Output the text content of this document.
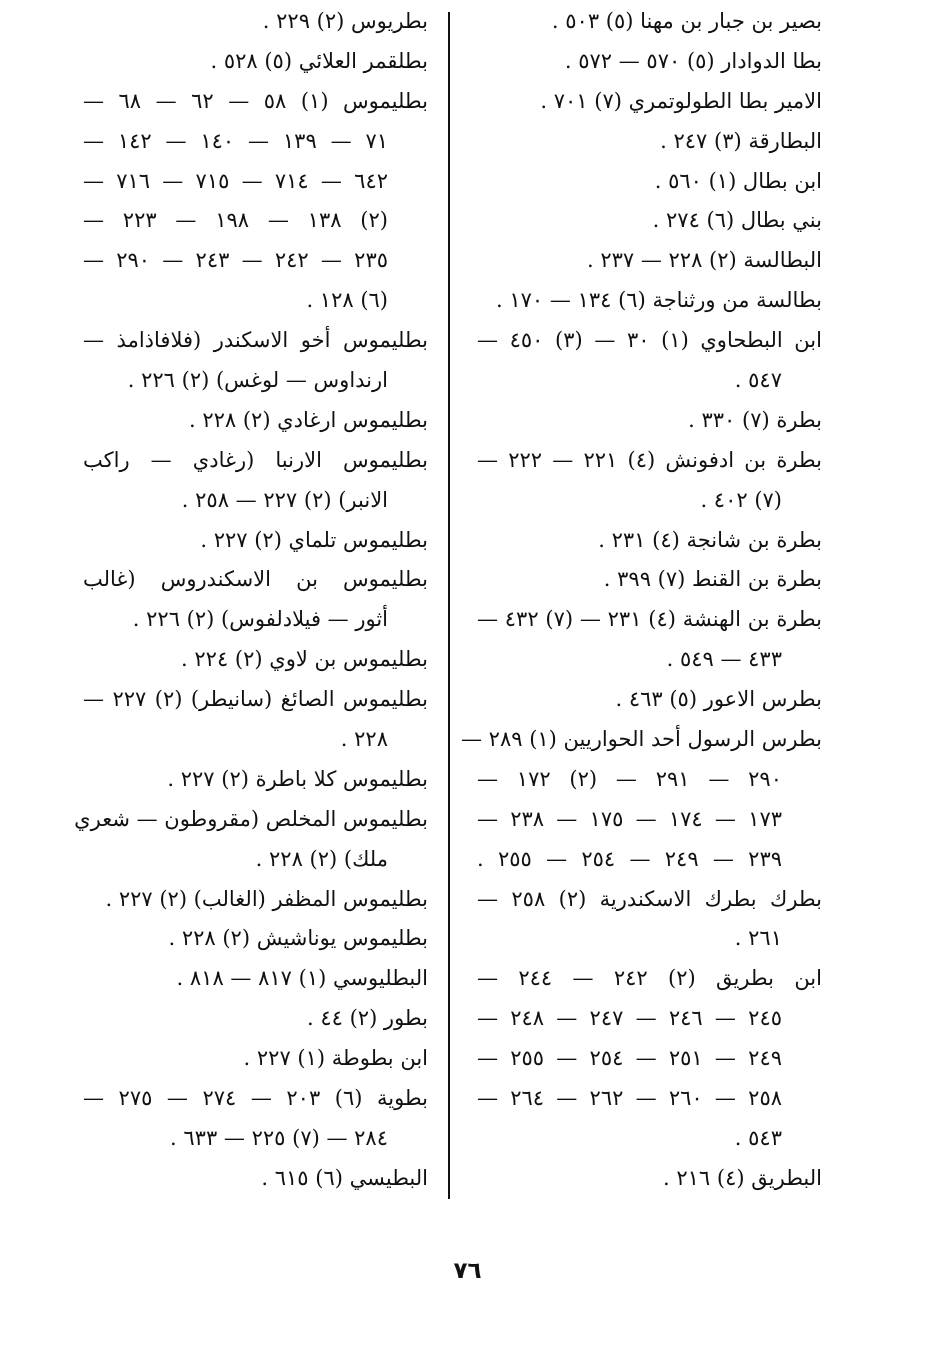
بصير بن جبار بن مهنا (٥) ٥٠٣ .
بطا الدوادار (٥) ٥٧٠ — ٥٧٢ .
الامير بطا الطولوتمري (٧) ٧٠١ .
البطارقة (٣) ٢٤٧ .
ابن بطال (١) ٥٦٠ .
بني بطال (٦) ٢٧٤ .
البطالسة (٢) ٢٢٨ — ٢٣٧ .
بطالسة من ورثناجة (٦) ١٣٤ — ١٧٠ .
ابن البطحاوي (١) ٣٠ — (٣) ٤٥٠ —
٥٤٧ .
بطرة (٧) ٣٣٠ .
بطرة بن ادفونش (٤) ٢٢١ — ٢٢٢ —
(٧) ٤٠٢ .
بطرة بن شانجة (٤) ٢٣١ .
بطرة بن القنط (٧) ٣٩٩ .
بطرة بن الهنشة (٤) ٢٣١ — (٧) ٤٣٢ —
٤٣٣ — ٥٤٩ .
بطرس الاعور (٥) ٤٦٣ .
بطرس الرسول أحد الحواريين (١) ٢٨٩ —
٢٩٠ — ٢٩١ — (٢) ١٧٢ —
١٧٣ — ١٧٤ — ١٧٥ — ٢٣٨ —
٢٣٩ — ٢٤٩ — ٢٥٤ — ٢٥٥ .
بطرك بطرك الاسكندرية (٢) ٢٥٨ —
٢٦١ .
ابن بطريق (٢) ٢٤٢ — ٢٤٤ —
٢٤٥ — ٢٤٦ — ٢٤٧ — ٢٤٨ —
٢٤٩ — ٢٥١ — ٢٥٤ — ٢٥٥ —
٢٥٨ — ٢٦٠ — ٢٦٢ — ٢٦٤ —
٥٤٣ .
البطريق (٤) ٢١٦ .
بطريوس (٢) ٢٢٩ .
بطلقمر العلائي (٥) ٥٢٨ .
بطليموس (١) ٥٨ — ٦٢ — ٦٨ —
٧١ — ١٣٩ — ١٤٠ — ١٤٢ —
٦٤٢ — ٧١٤ — ٧١٥ — ٧١٦ —
(٢) ١٣٨ — ١٩٨ — ٢٢٣ —
٢٣٥ — ٢٤٢ — ٢٤٣ — ٢٩٠ —
(٦) ١٢٨ .
بطليموس أخو الاسكندر (فلافاذامذ —
ارنداوس — لوغس) (٢) ٢٢٦ .
بطليموس ارغادي (٢) ٢٢٨ .
بطليموس الارنبا (رغادي — راكب
الانبر) (٢) ٢٢٧ — ٢٥٨ .
بطليموس تلماي (٢) ٢٢٧ .
بطليموس بن الاسكندروس (غالب
أثور — فيلادلفوس) (٢) ٢٢٦ .
بطليموس بن لاوي (٢) ٢٢٤ .
بطليموس الصائغ (سانيطر) (٢) ٢٢٧ —
٢٢٨ .
بطليموس كلا باطرة (٢) ٢٢٧ .
بطليموس المخلص (مقروطون — شعري
ملك) (٢) ٢٢٨ .
بطليموس المظفر (الغالب) (٢) ٢٢٧ .
بطليموس يوناشيش (٢) ٢٢٨ .
البطليوسي (١) ٨١٧ — ٨١٨ .
بطور (٢) ٤٤ .
ابن بطوطة (١) ٢٢٧ .
بطوية (٦) ٢٠٣ — ٢٧٤ — ٢٧٥ —
٢٨٤ — (٧) ٢٢٥ — ٦٣٣ .
البطيسي (٦) ٦١٥ .
٧٦
